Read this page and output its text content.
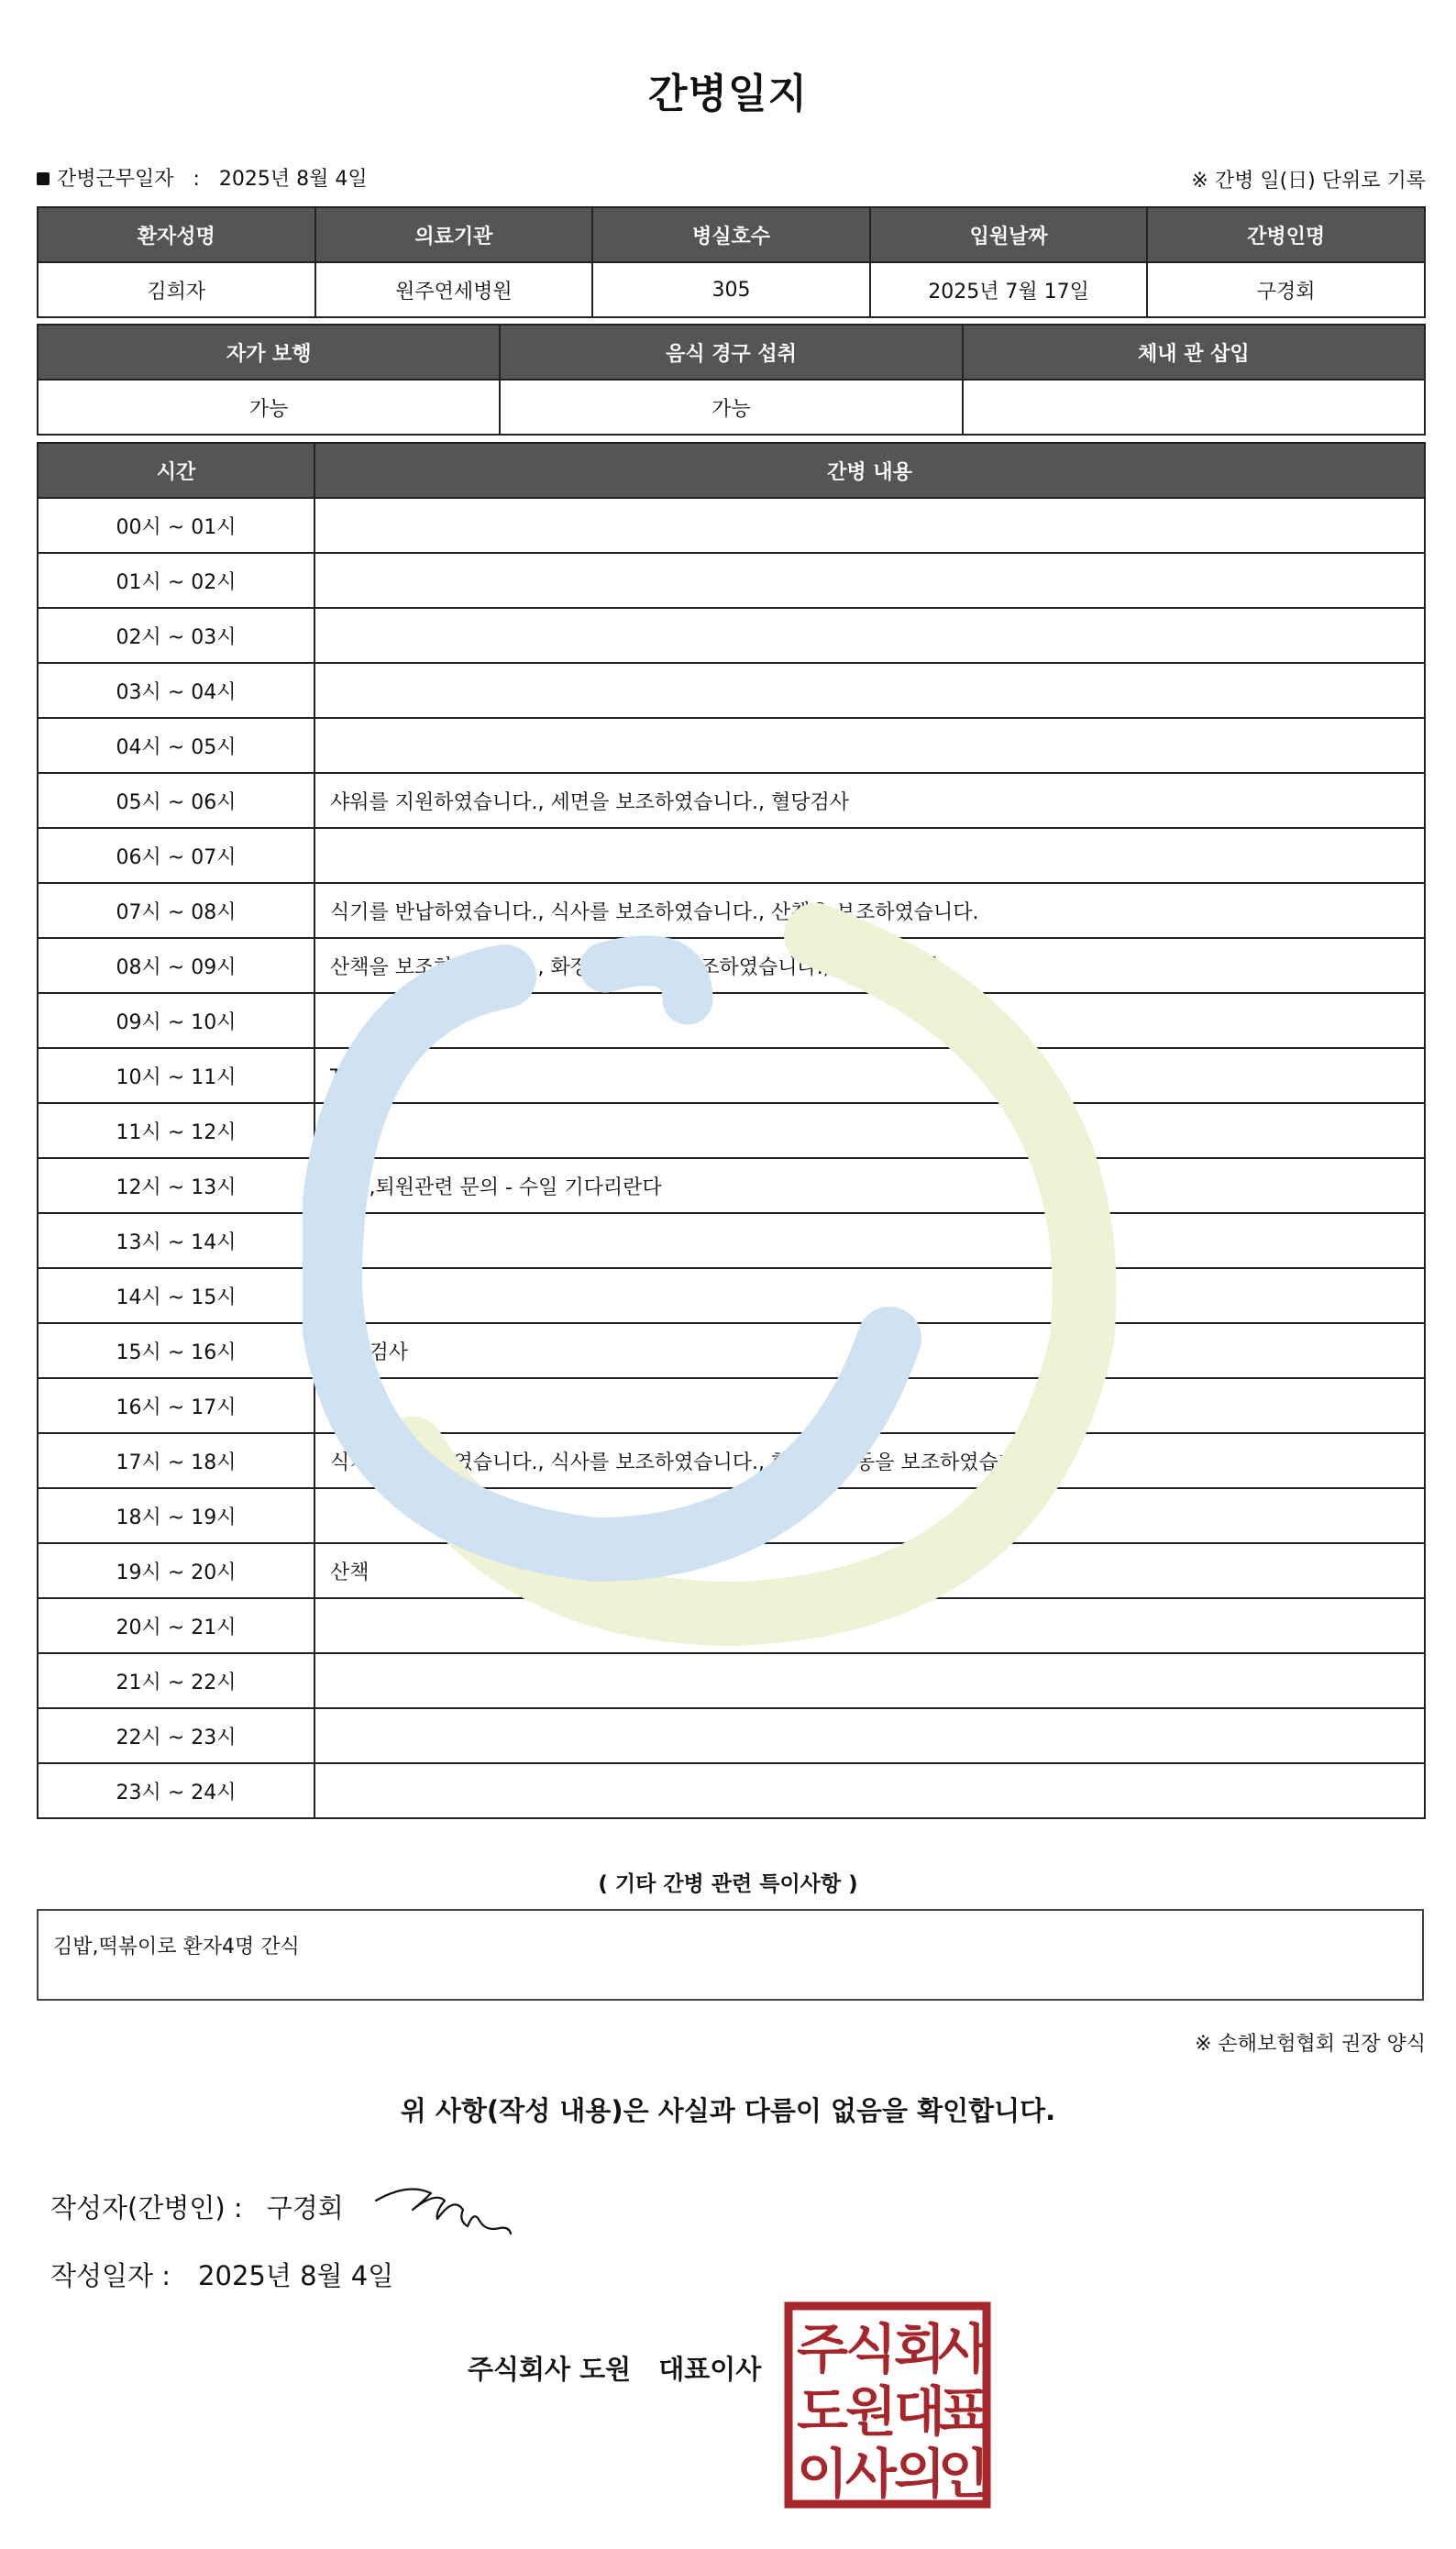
간병일지
간병근무일자 : 2025년 8월 4일	※ 간병 일(日) 단위로 기록
환자성명	의료기관	병실호수	입원날짜	간병인명
김희자	원주연세병원	305	2025년 7월 17일	구경회
자가 보행	음식 경구 섭취	체내 관 삽입
가능	가능	
시간	간병 내용
00시 ~ 01시	
01시 ~ 02시	
02시 ~ 03시	
03시 ~ 04시	
04시 ~ 05시	
05시 ~ 06시	샤워를 지원하였습니다., 세면을 보조하였습니다., 혈당검사
06시 ~ 07시	
07시 ~ 08시	식기를 반납하였습니다., 식사를 보조하였습니다., 산책을 보조하였습니다.
08시 ~ 09시	산책을 보조하였습니다., 화장실 이동을 보조하였습니다., 항생제 주사
09시 ~ 10시	
10시 ~ 11시	TV시청
11시 ~ 12시	
12시 ~ 13시	회진,퇴원관련 문의 - 수일 기다리란다
13시 ~ 14시	
14시 ~ 15시	
15시 ~ 16시	혈당검사
16시 ~ 17시	
17시 ~ 18시	식기를 반납하였습니다., 식사를 보조하였습니다., 화장실 이동을 보조하였습니다.
18시 ~ 19시	
19시 ~ 20시	산책
20시 ~ 21시	
21시 ~ 22시	
22시 ~ 23시	
23시 ~ 24시	
( 기타 간병 관련 특이사항 )
김밥,떡볶이로 환자4명 간식
※ 손해보험협회 권장 양식
위 사항(작성 내용)은 사실과 다름이 없음을 확인합니다.
작성자(간병인) : 구경회
작성일자 : 2025년 8월 4일
주식회사 도원 대표이사 주
식
회
사
도
원
대
표
이
사
의
인
